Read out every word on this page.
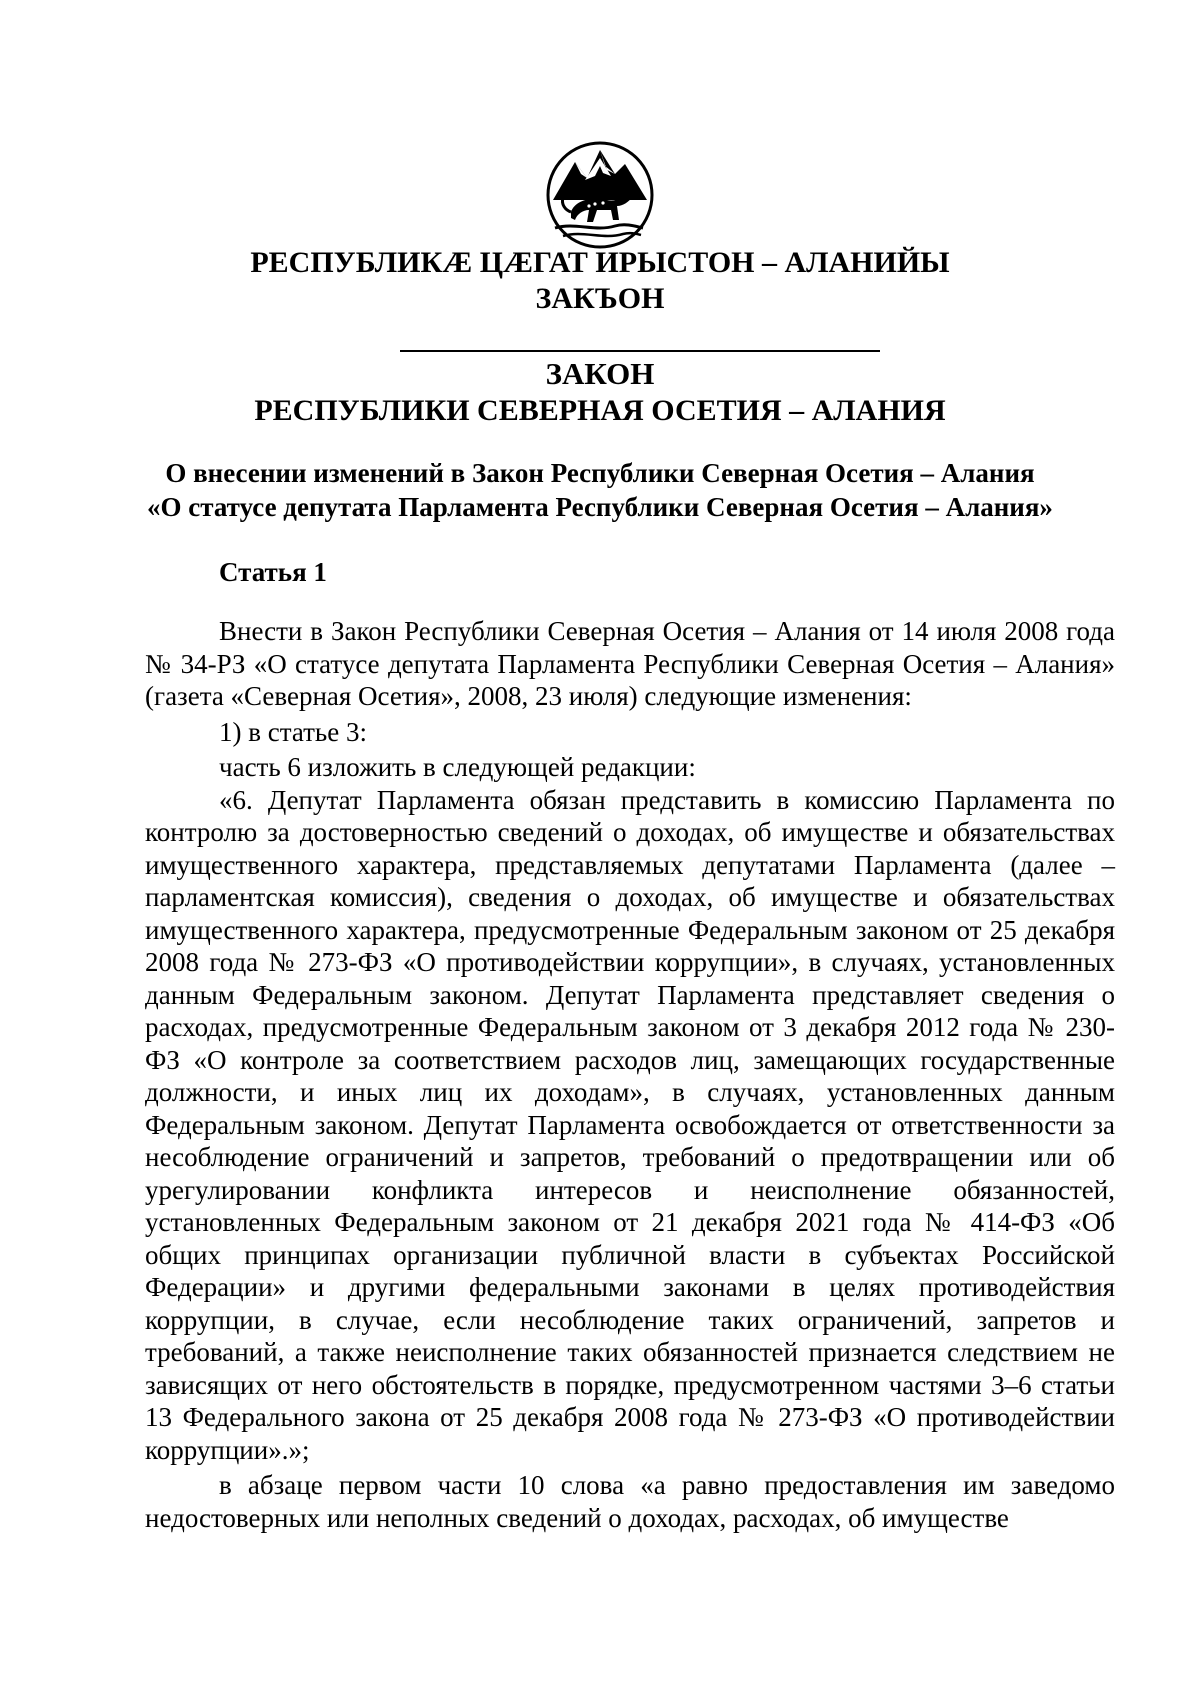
РЕСПУБЛИКӔ ЦӔГАТ ИРЫСТОН – АЛАНИЙЫ
ЗАКЪОН
ЗАКОН
РЕСПУБЛИКИ СЕВЕРНАЯ ОСЕТИЯ – АЛАНИЯ
О внесении изменений в Закон Республики Северная Осетия – Алания
«О статусе депутата Парламента Республики Северная Осетия – Алания»
Статья 1

Внести в Закон Республики Северная Осетия – Алания от 14 июля 2008 года № 34-РЗ «О статусе депутата Парламента Республики Северная Осетия – Алания» (газета «Северная Осетия», 2008, 23 июля) следующие изменения:

1) в статье 3:

часть 6 изложить в следующей редакции:

«6. Депутат Парламента обязан представить в комиссию Парламента по контролю за достоверностью сведений о доходах, об имуществе и обязательствах имущественного характера, представляемых депутатами Парламента (далее – парламентская комиссия), сведения о доходах, об имуществе и обязательствах имущественного характера, предусмотренные Федеральным законом от 25 декабря 2008 года № 273-ФЗ «О противодействии коррупции», в случаях, установленных данным Федеральным законом. Депутат Парламента представляет сведения о расходах, предусмотренные Федеральным законом от 3 декабря 2012 года № 230-ФЗ «О контроле за соответствием расходов лиц, замещающих государственные должности, и иных лиц их доходам», в случаях, установленных данным Федеральным законом. Депутат Парламента освобождается от ответственности за несоблюдение ограничений и запретов, требований о предотвращении или об урегулировании конфликта интересов и неисполнение обязанностей, установленных Федеральным законом от 21 декабря 2021 года № 414-ФЗ «Об общих принципах организации публичной власти в субъектах Российской Федерации» и другими федеральными законами в целях противодействия коррупции, в случае, если несоблюдение таких ограничений, запретов и требований, а также неисполнение таких обязанностей признается следствием не зависящих от него обстоятельств в порядке, предусмотренном частями 3–6 статьи 13 Федерального закона от 25 декабря 2008 года № 273-ФЗ «О противодействии коррупции».»;

в абзаце первом части 10 слова «а равно предоставления им заведомо недостоверных или неполных сведений о доходах, расходах, об имуществе
